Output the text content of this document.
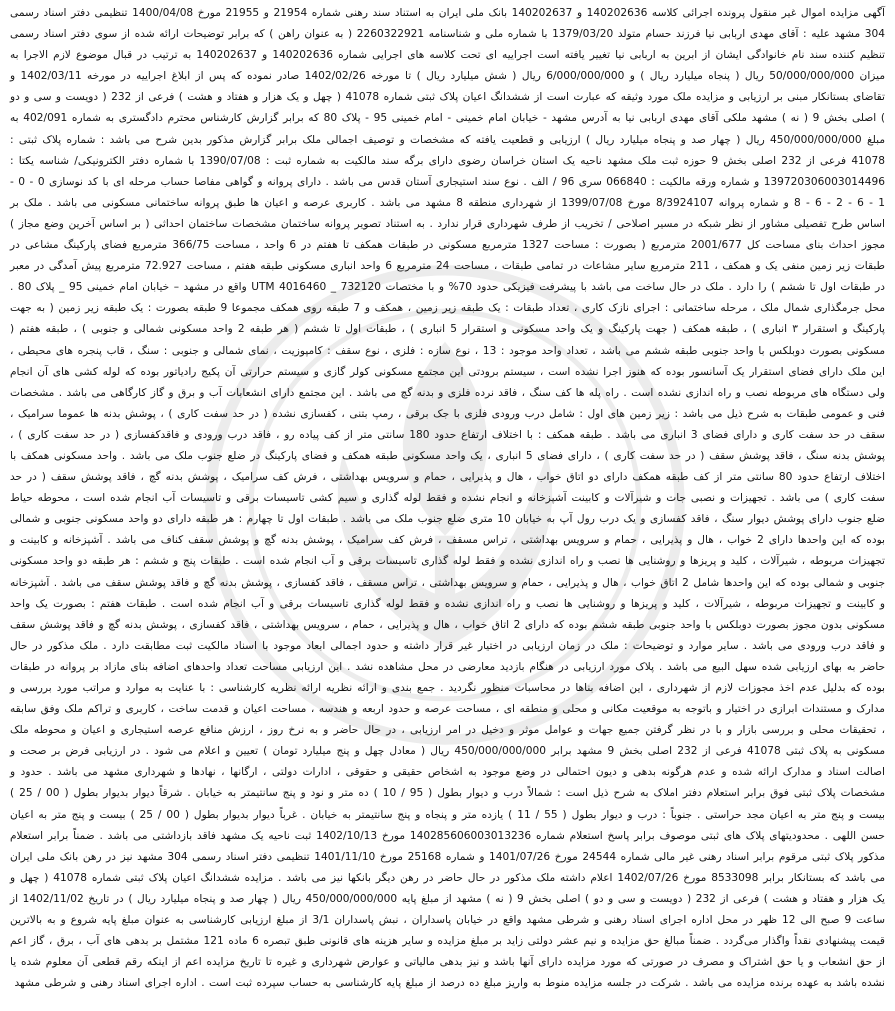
آگهی مزایده اموال غیر منقول پرونده اجرائی کلاسه 140202636 و 140202637 بانک ملی ایران به استناد سند رهنی شماره 21954 و 21955 مورخ 1400/04/08 تنظیمی دفتر اسناد رسمی 304 مشهد علیه : آقای مهدی اربابی نیا فرزند حسام متولد 1379/03/20 با شماره ملی و شناسنامه 2260322921 ( به عنوان راهن ) که برابر توضیحات ارائه شده از سوی دفتر اسناد رسمی تنظیم کننده سند نام خانوادگی ایشان از ابرین به اربابی نیا تغییر یافته است اجراییه ای تحت کلاسه های اجرایی شماره 140202636 و 140202637 به ترتیب در قبال موضوع لازم الاجرا به میزان 50/000/000/000 ریال ( پنجاه میلیارد ریال ) و 6/000/000/000 ریال ( شش میلیارد ریال ) تا مورخه 1402/02/26 صادر نموده که پس از ابلاغ اجراییه در مورخه 1402/03/11 و تقاضای بستانکار مبنی بر ارزیابی و مزایده ملک مورد وثیقه که عبارت است از ششدانگ اعیان پلاک ثبتی شماره 41078 ( چهل و یک هزار و هفتاد و هشت ) فرعی از 232 ( دویست و سی و دو ) اصلی بخش 9 ( نه ) مشهد ملکی آقای مهدی اربابی نیا به آدرس مشهد - خیابان امام خمینی - امام خمینی 95 - پلاک 80 که برابر گزارش کارشناس محترم دادگستری به شماره 402/091 به مبلغ 450/000/000/000 ریال ( چهار صد و پنجاه میلیارد ریال ) ارزیابی و قطعیت یافته که مشخصات و توصیف اجمالی ملک برابر گزارش مذکور بدین شرح می باشد : شماره پلاک ثبتی : 41078 فرعی از 232 اصلی بخش 9 حوزه ثبت ملک مشهد ناحیه یک استان خراسان رضوی دارای برگه سند مالکیت به شماره ثبت : 1390/07/08 با شماره دفتر الکترونیکی/ شناسه یکتا : 139720306003014496 و شماره ورقه مالکیت : 066840 سری 96 / الف . نوع سند استیجاری آستان قدس می باشد . دارای پروانه و گواهی مفاصا حساب مرحله ای با کد نوسازی 0 - 0 - 1 - 6 - 2 - 6 - 8 و شماره پروانه 8/3924107 مورخ 1399/07/08 از شهرداری منطقه 8 مشهد می باشد . کاربری عرصه و اعیان ها طبق پروانه ساختمانی مسکونی می باشد . ملک بر اساس طرح تفصیلی مشاور از نظر شبکه در مسیر اصلاحی / تخریب از طرف شهرداری قرار ندارد . به استناد تصویر پروانه ساختمان مشخصات ساختمان احداثی ( بر اساس آخرین وضع مجاز ) مجوز احداث بنای مساحت کل 2001/677 مترمربع ( بصورت : مساحت 1327 مترمربع مسکونی در طبقات همکف تا هفتم در 6 واحد ، مساحت 366/75 مترمربع فضای پارکینگ مشاعی در طبقات زیر زمین منفی یک و همکف ، 211 مترمربع سایر مشاعات در تمامی طبقات ، مساحت 24 مترمربع 6 واحد انباری مسکونی طبقه هفتم ، مساحت 72.927 مترمربع پیش آمدگی در معبر در طبقات اول تا ششم ) را دارد . ملک در حال ساخت می باشد با پیشرفت فیزیکی حدود 70% و با مختصات UTM 4016460 _ 732120 واقع در مشهد – خیابان امام خمینی 95 _ پلاک 80 . محل جرمگذاری شمال ملک ، مرحله ساختمانی : اجرای نازک کاری ، تعداد طبقات : یک طبقه زیر زمین ، همکف و 7 طبقه روی همکف مجموعا 9 طبقه بصورت : یک طبقه زیر زمین ( به جهت پارکینگ و استقرار ۳ انباری ) ، طبقه همکف ( جهت پارکینگ و یک واحد مسکونی و استقرار 5 انباری ) ، طبقات اول تا ششم ( هر طبقه 2 واحد مسکونی شمالی و جنوبی ) ، طبقه هفتم ( مسکونی بصورت دوبلکس با واحد جنوبی طبقه ششم می باشد ، تعداد واحد موجود : 13 ، نوع سازه : فلزی ، نوع سقف : کامپوزیت ، نمای شمالی و جنوبی : سنگ ، قاب پنجره های محیطی ، این ملک دارای فضای استقرار یک آسانسور بوده که هنوز اجرا نشده است ، سیستم برودتی این مجتمع مسکونی کولر گازی و سیستم حرارتی آن پکیج رادیاتور بوده که لوله کشی های آن انجام ولی دستگاه های مربوطه نصب و راه اندازی نشده است . راه پله ها کف سنگ ، فاقد نرده فلزی و بدنه گچ می باشد . این مجتمع دارای انشعابات آب و برق و گاز کارگاهی می باشد . مشخصات فنی و عمومی طبقات به شرح ذیل می باشد : زیر زمین های اول : شامل درب ورودی فلزی با جک برقی ، رمپ بتنی ، کفسازی نشده ( در حد سفت کاری ) ، پوشش بدنه ها عموما سرامیک ، سقف در حد سفت کاری و دارای فضای 3 انباری می باشد . طبقه همکف : با اختلاف ارتفاع حدود 180 سانتی متر از کف پیاده رو ، فاقد درب ورودی و فاقدکفسازی ( در حد سفت کاری ) ، پوشش بدنه سنگ ، فاقد پوشش سقف ( در حد سفت کاری ) ، دارای فضای 5 انباری ، یک واحد مسکونی طبقه همکف و فضای پارکینگ در ضلع جنوب ملک می باشد . واحد مسکونی همکف با اختلاف ارتفاع حدود 80 سانتی متر از کف طبقه همکف دارای دو اتاق خواب ، هال و پذیرایی ، حمام و سرویس بهداشتی ، فرش کف سرامیک ، پوشش بدنه گچ ، فاقد پوشش سقف ( در حد سفت کاری ) می باشد . تجهیزات و نصبی جات و شیرآلات و کابینت آشپزخانه و انجام نشده و فقط لوله گذاری و سیم کشی تاسیسات برقی و تاسیسات آب انجام شده است ، محوطه حیاط ضلع جنوب دارای پوشش دیوار سنگ ، فاقد کفسازی و یک درب رول آپ به خیابان 10 متری ضلع جنوب ملک می باشد . طبقات اول تا چهارم : هر طبقه دارای دو واحد مسکونی جنوبی و شمالی بوده که این واحدها دارای 2 خواب ، هال و پذیرایی ، حمام و سرویس بهداشتی ، تراس مسقف ، فرش کف سرامیک ، پوشش بدنه گچ و پوشش سقف کناف می باشد . آشپزخانه و کابینت و تجهیزات مربوطه ، شیرآلات ، کلید و پریزها و روشنایی ها نصب و راه اندازی نشده و فقط لوله گذاری تاسیسات برقی و آب انجام شده است . طبقات پنج و ششم : هر طبقه دو واحد مسکونی جنوبی و شمالی بوده که این واحدها شامل 2 اتاق خواب ، هال و پذیرایی ، حمام و سرویس بهداشتی ، تراس مسقف ، فاقد کفسازی ، پوشش بدنه گچ و فاقد پوشش سقف می باشد . آشپزخانه و کابینت و تجهیزات مربوطه ، شیرآلات ، کلید و پریزها و روشنایی ها نصب و راه اندازی نشده و فقط لوله گذاری تاسیسات برقی و آب انجام شده است . طبقات هفتم : بصورت یک واحد مسکونی بدون مجوز بصورت دوبلکس با واحد جنوبی طبقه ششم بوده که دارای 2 اتاق خواب ، هال و پذیرایی ، حمام ، سرویس بهداشتی ، فاقد کفسازی ، پوشش بدنه گچ و فاقد پوشش سقف و فاقد درب ورودی می باشد . سایر موارد و توضیحات : ملک در زمان ارزیابی در اختیار غیر قرار داشته و حدود اجمالی ابعاد موجود با اسناد مالکیت ثبت مطابقت دارد . ملک مذکور در حال حاضر به بهای ارزیابی شده سهل البیع می باشد . پلاک مورد ارزیابی در هنگام بازدید معارضی در محل مشاهده نشد . این ارزیابی مساحت تعداد واحدهای اضافه بنای مازاد بر پروانه در طبقات بوده که بدلیل عدم اخذ مجوزات لازم از شهرداری ، این اضافه بناها در محاسبات منظور نگردید . جمع بندی و ارائه نظریه ارائه نظریه کارشناسی : با عنایت به موارد و مراتب مورد بررسی و مدارک و مستندات ابرازی در اختیار و باتوجه به موقعیت مکانی و محلی و منطقه ای ، مساحت عرصه و حدود اربعه و هندسه ، مساحت اعیان و قدمت ساخت ، کاربری و تراکم ملک وفق سابقه ، تحقیقات محلی و بررسی بازار و با در نظر گرفتن جمیع جهات و عوامل موثر و دخیل در امر ارزیابی ، در حال حاضر و به نرخ روز ، ارزش منافع عرصه استیجاری و اعیان و محوطه ملک مسکونی به پلاک ثبتی 41078 فرعی از 232 اصلی بخش 9 مشهد برابر 450/000/000/000 ریال ( معادل چهل و پنج میلیارد تومان ) تعیین و اعلام می شود . در ارزیابی فرض بر صحت و اصالت اسناد و مدارک ارائه شده و عدم هرگونه بدهی و دیون احتمالی در وضع موجود به اشخاص حقیقی و حقوقی ، ادارات دولتی ، ارگانها ، نهادها و شهرداری مشهد می باشد . حدود و مشخصات پلاک ثبتی فوق برابر استعلام دفتر املاک به شرح ذیل است : شمالاً درب و دیوار بطول ( 95 / 10 ) ده متر و نود و پنج سانتیمتر به خیابان . شرقاً دیوار بدیوار بطول ( 00 / 25 ) بیست و پنج متر به اعیان مجد حراستی . جنوباً : درب و دیوار بطول ( 55 / 11 ) یازده متر و پنجاه و پنج سانتیمتر به خیابان . غرباً دیوار بدیوار بطول ( 00 / 25 ) بیست و پنج متر به اعیان حسن اللهی . محدودیتهای پلاک های ثبتی موصوف برابر پاسخ استعلام شماره 140285606003013236 مورخ 1402/10/13 ثبت ناحیه یک مشهد فاقد بازداشتی می باشد . ضمناً برابر استعلام مذکور پلاک ثبتی مرقوم برابر اسناد رهنی غیر مالی شماره 24544 مورخ 1401/07/26 و شماره 25168 مورخ 1401/11/10 تنظیمی دفتر اسناد رسمی 304 مشهد نیز در رهن بانک ملی ایران می باشد که بستانکار برابر 8533098 مورخ 1402/07/26 اعلام داشته ملک مذکور در حال حاضر در رهن دیگر بانکها نیز می باشد . مزایده ششدانگ اعیان پلاک ثبتی شماره 41078 ( چهل و یک هزار و هفتاد و هشت ) فرعی از 232 ( دویست و سی و دو ) اصلی بخش 9 ( نه ) مشهد از مبلغ پایه 450/000/000/000 ریال ( چهار صد و پنجاه میلیارد ریال ) در تاریخ 1402/11/02 از ساعت 9 صبح الی 12 ظهر در محل اداره اجرای اسناد رهنی و شرطی مشهد واقع در خیابان پاسداران ، نبش پاسداران 3/1 از مبلغ ارزیابی کارشناسی به عنوان مبلغ پایه شروع و به بالاترین قیمت پیشنهادی نقداً واگذار می‌گردد . ضمناً مبالغ حق مزایده و نیم عشر دولتی زاید بر مبلغ مزایده و سایر هزینه های قانونی طبق تبصره 6 ماده 121 مشتمل بر بدهی های آب ، برق ، گاز اعم از حق انشعاب و یا حق اشتراک و مصرف در صورتی که مورد مزایده دارای آنها باشد و نیز بدهی مالیاتی و عوارض شهرداری و غیره تا تاریخ مزایده اعم از اینکه رقم قطعی آن معلوم شده یا نشده باشد به عهده برنده مزایده می باشد . شرکت در جلسه مزایده منوط به واریز مبلغ ده درصد از مبلغ پایه کارشناسی به حساب سپرده ثبت است . اداره اجرای اسناد رهنی و شرطی مشهد
